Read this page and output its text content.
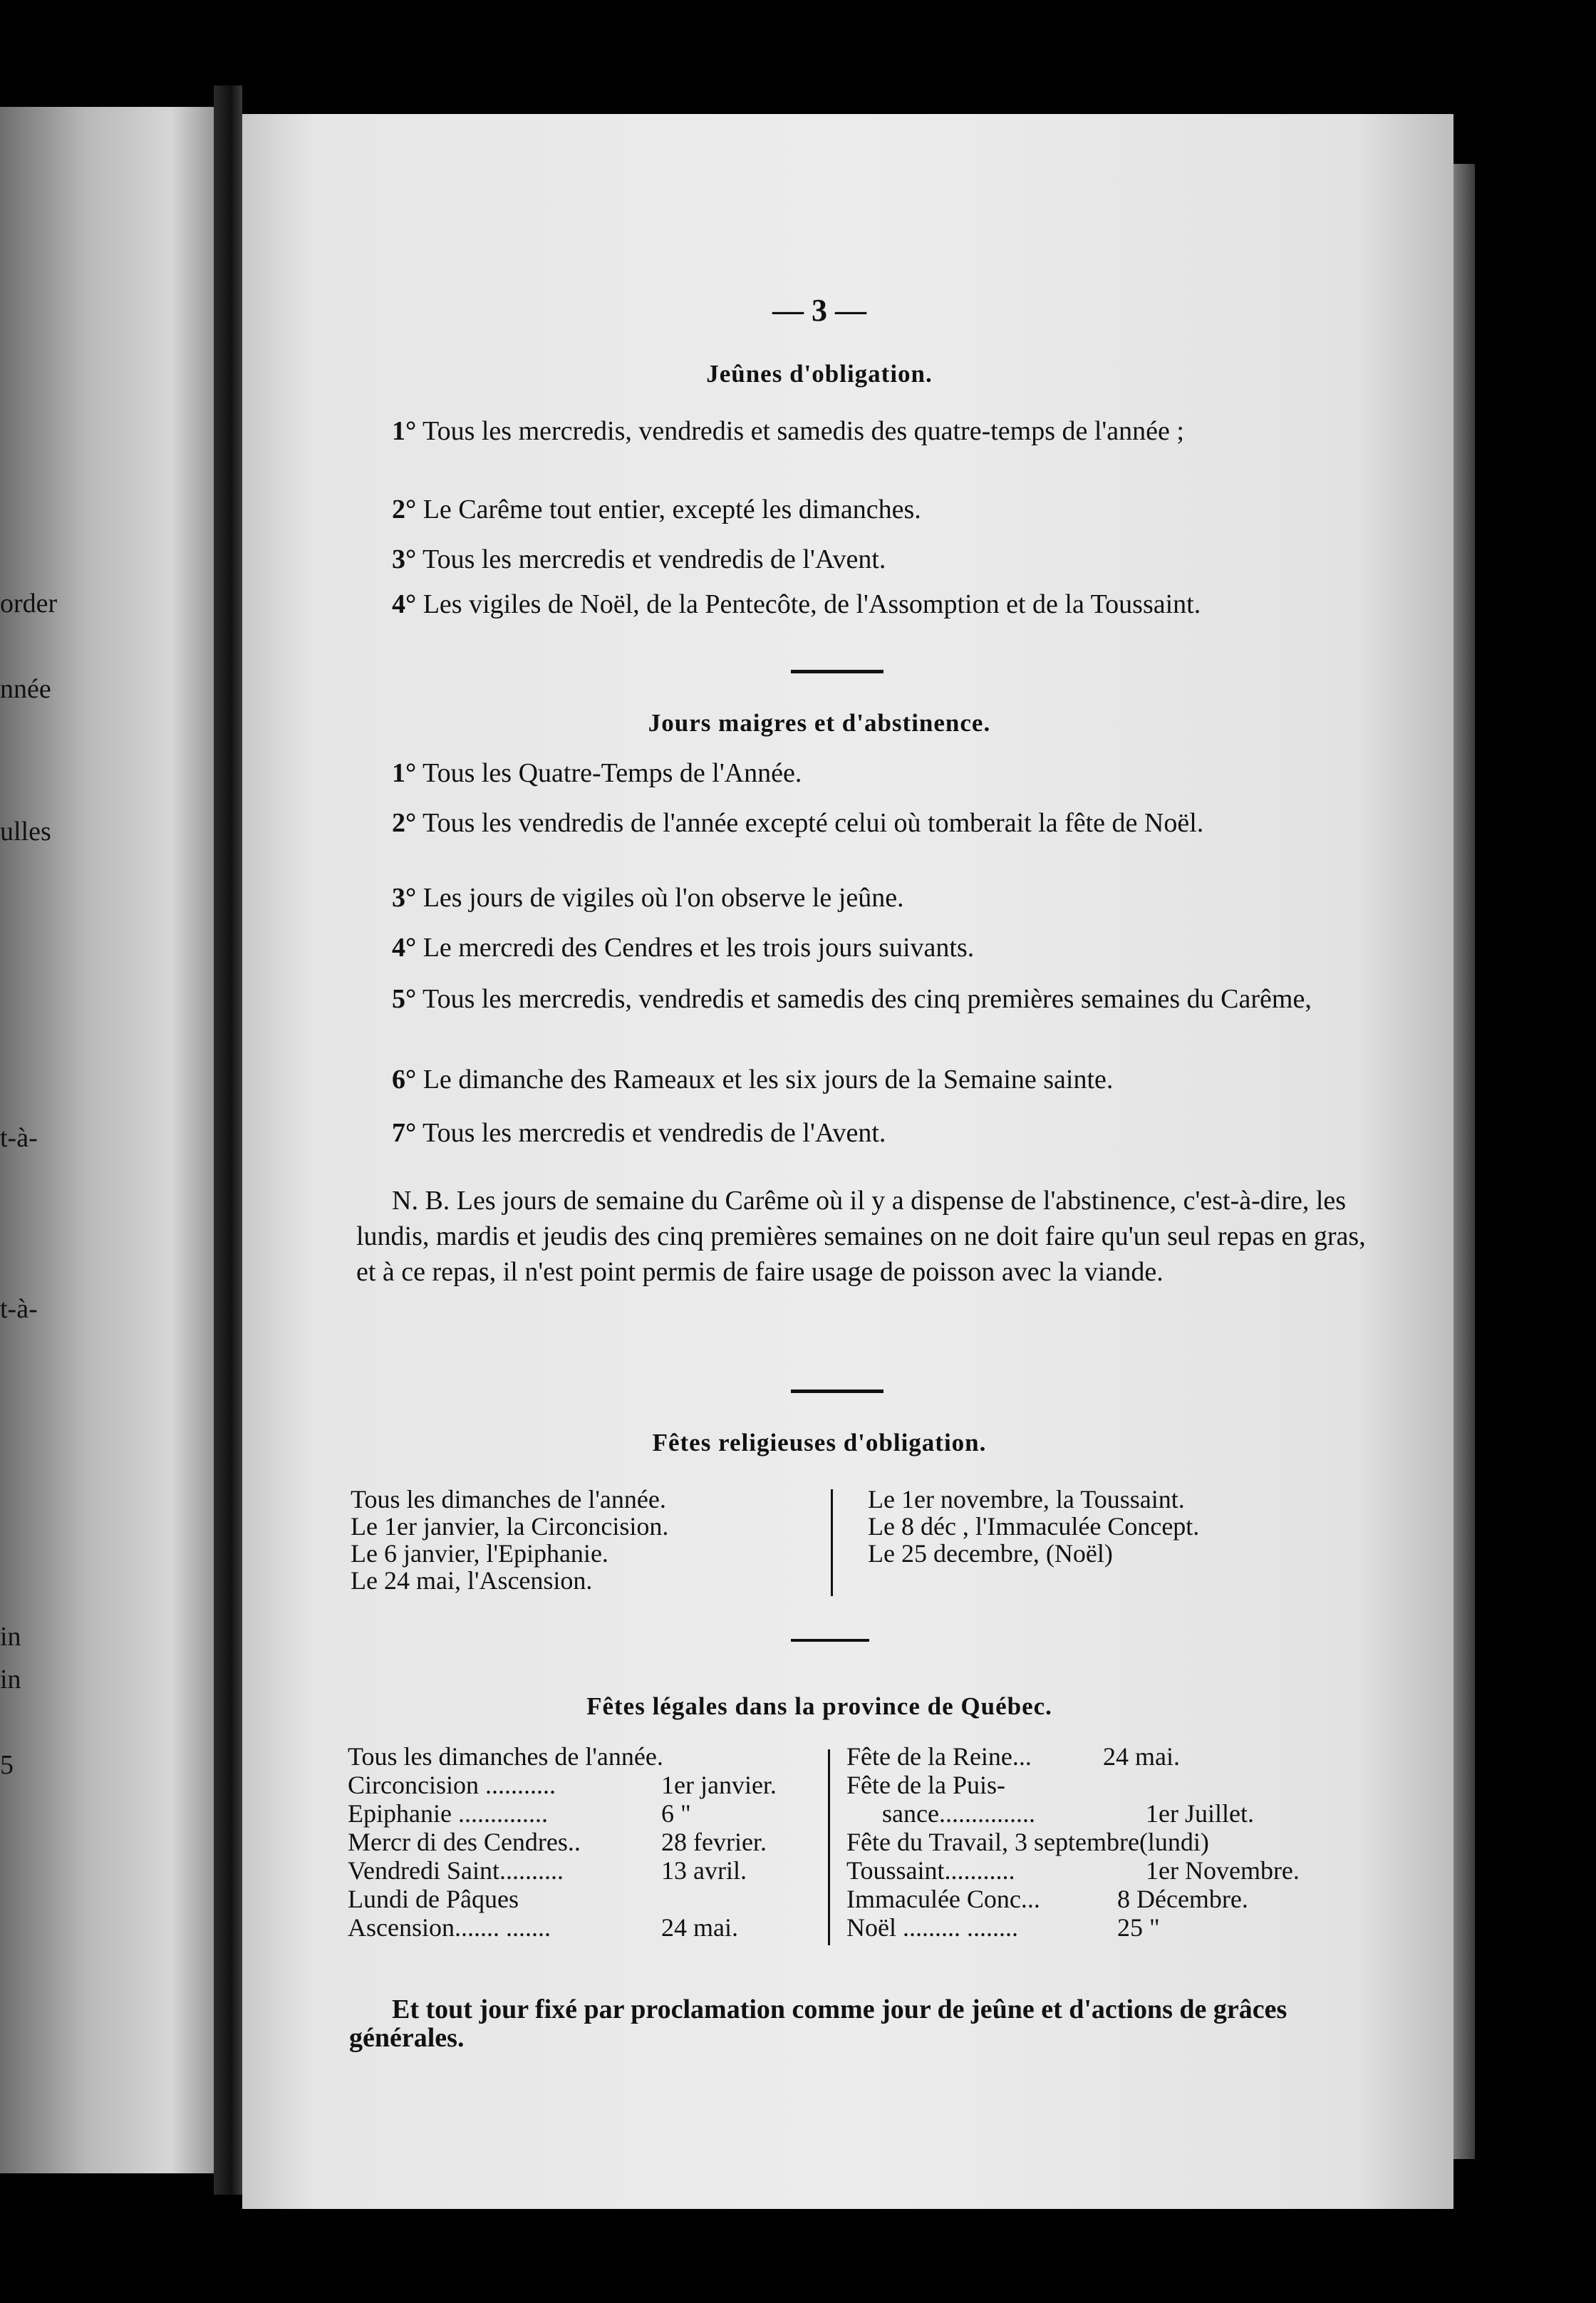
order
nnée
ulles
t-à-
t-à-
in
in
5
— 3 —
Jeûnes d'obligation.
1° Tous les mercredis, vendredis et samedis des quatre-temps de l'année ;
2° Le Carême tout entier, excepté les dimanches.
3° Tous les mercredis et vendredis de l'Avent.
4° Les vigiles de Noël, de la Pentecôte, de l'Assomption et de la Toussaint.
Jours maigres et d'abstinence.
1° Tous les Quatre-Temps de l'Année.
2° Tous les vendredis de l'année excepté celui où tomberait la fête de Noël.
3° Les jours de vigiles où l'on observe le jeûne.
4° Le mercredi des Cendres et les trois jours suivants.
5° Tous les mercredis, vendredis et samedis des cinq premières semaines du Carême,
6° Le dimanche des Rameaux et les six jours de la Semaine sainte.
7° Tous les mercredis et vendredis de l'Avent.
N. B. Les jours de semaine du Carême où il y a dispense de l'abstinence, c'est-à-dire, les lundis, mardis et jeudis des cinq premières semaines on ne doit faire qu'un seul repas en gras, et à ce repas, il n'est point permis de faire usage de poisson avec la viande.
Fêtes religieuses d'obligation.
Tous les dimanches de l'année.
Le 1er janvier, la Circoncision.
Le 6 janvier, l'Epiphanie.
Le 24 mai, l'Ascension.
Le 1er novembre, la Toussaint.
Le 8 déc , l'Immaculée Concept.
Le 25 decembre, (Noël)
Fêtes légales dans la province de Québec.
Tous les dimanches de l'année.
Circoncision ...........	1er janvier.
Epiphanie ..............	6 "
Mercr di des Cendres..	28 fevrier.
Vendredi Saint..........	13 avril.
Lundi de Pâques
Ascension....... .......	24 mai.
Fête de la Reine...	24 mai.
Fête de la Puis-
sance...............	1er Juillet.
Fête du Travail, 3 septembre(lundi)
Toussaint...........	1er Novembre.
Immaculée Conc...	8 Décembre.
Noël ......... ........	25 "
Et tout jour fixé par proclamation comme jour de jeûne et d'actions de grâces générales.
